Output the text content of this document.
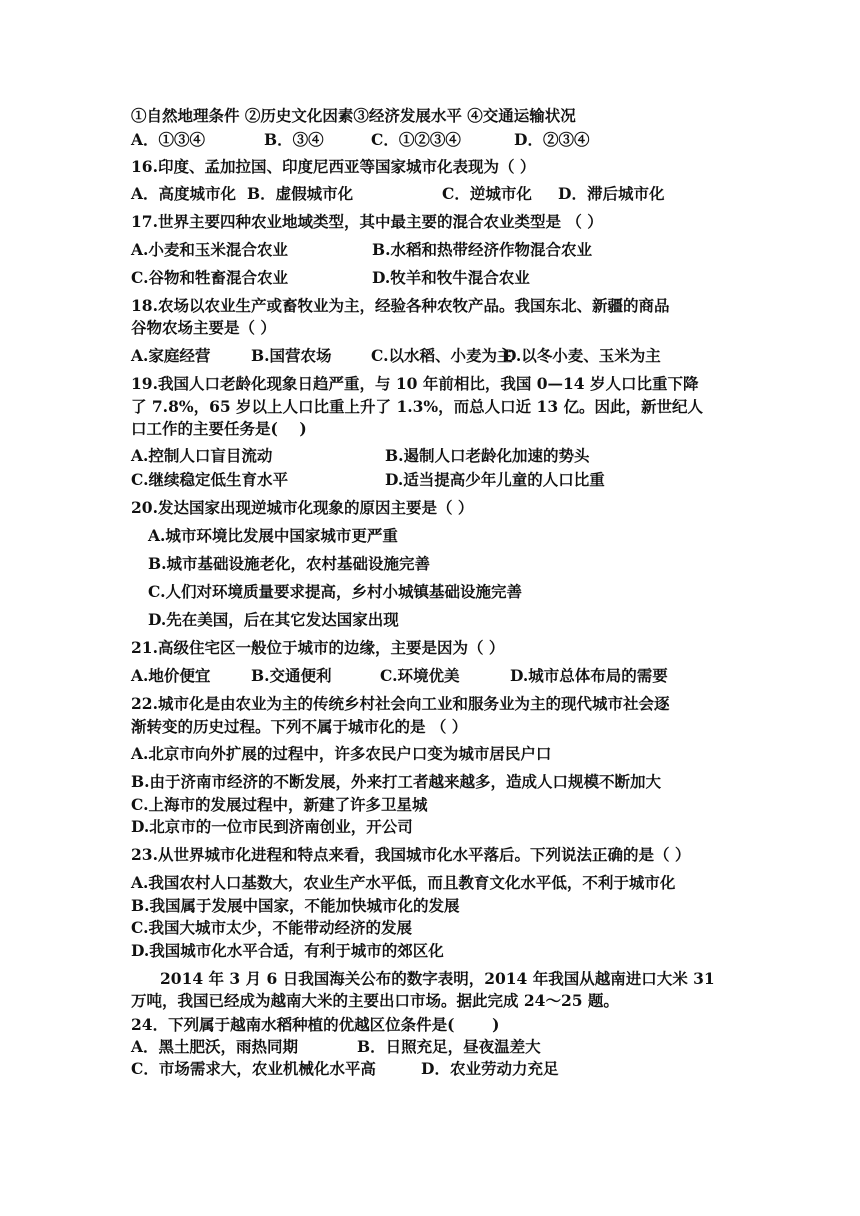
①自然地理条件 ②历史文化因素③经济发展水平 ④交通运输状况
A．①③④	B．③④	C．①②③④	D．②③④
16.印度、孟加拉国、印度尼西亚等国家城市化表现为（ ）
A．高度城市化 B．虚假城市化	C．逆城市化 D．滞后城市化
17.世界主要四种农业地域类型，其中最主要的混合农业类型是 （ ）
A.小麦和玉米混合农业	B.水稻和热带经济作物混合农业
C.谷物和牲畜混合农业	D.牧羊和牧牛混合农业
18.农场以农业生产或畜牧业为主，经验各种农牧产品。我国东北、新疆的商品
谷物农场主要是（ ）
A.家庭经营	B.国营农场	C.以水稻、小麦为主
D.以冬小麦、玉米为主
19.我国人口老龄化现象日趋严重，与 10 年前相比，我国 0—14 岁人口比重下降
了 7.8%，65 岁以上人口比重上升了 1.3%，而总人口近 13 亿。因此，新世纪人
口工作的主要任务是(    )
A.控制人口盲目流动	B.遏制人口老龄化加速的势头
C.继续稳定低生育水平	D.适当提高少年儿童的人口比重
20.发达国家出现逆城市化现象的原因主要是（ ）
A.城市环境比发展中国家城市更严重
B.城市基础设施老化，农村基础设施完善
C.人们对环境质量要求提高，乡村小城镇基础设施完善
D.先在美国，后在其它发达国家出现
21.高级住宅区一般位于城市的边缘，主要是因为（ ）
A.地价便宜	B.交通便利	C.环境优美	D.城市总体布局的需要
22.城市化是由农业为主的传统乡村社会向工业和服务业为主的现代城市社会逐
渐转变的历史过程。下列不属于城市化的是 （ ）
A.北京市向外扩展的过程中，许多农民户口变为城市居民户口
B.由于济南市经济的不断发展，外来打工者越来越多，造成人口规模不断加大
C.上海市的发展过程中，新建了许多卫星城
D.北京市的一位市民到济南创业，开公司
23.从世界城市化进程和特点来看，我国城市化水平落后。下列说法正确的是（ ）
A.我国农村人口基数大，农业生产水平低，而且教育文化水平低，不利于城市化
B.我国属于发展中国家，不能加快城市化的发展
C.我国大城市太少，不能带动经济的发展
D.我国城市化水平合适，有利于城市的郊区化
2014 年 3 月 6 日我国海关公布的数字表明，2014 年我国从越南进口大米 31
万吨，我国已经成为越南大米的主要出口市场。据此完成 24～25 题。
24．下列属于越南水稻种植的优越区位条件是(       )
A．黑土肥沃，雨热同期	B．日照充足，昼夜温差大
C．市场需求大，农业机械化水平高	D．农业劳动力充足
